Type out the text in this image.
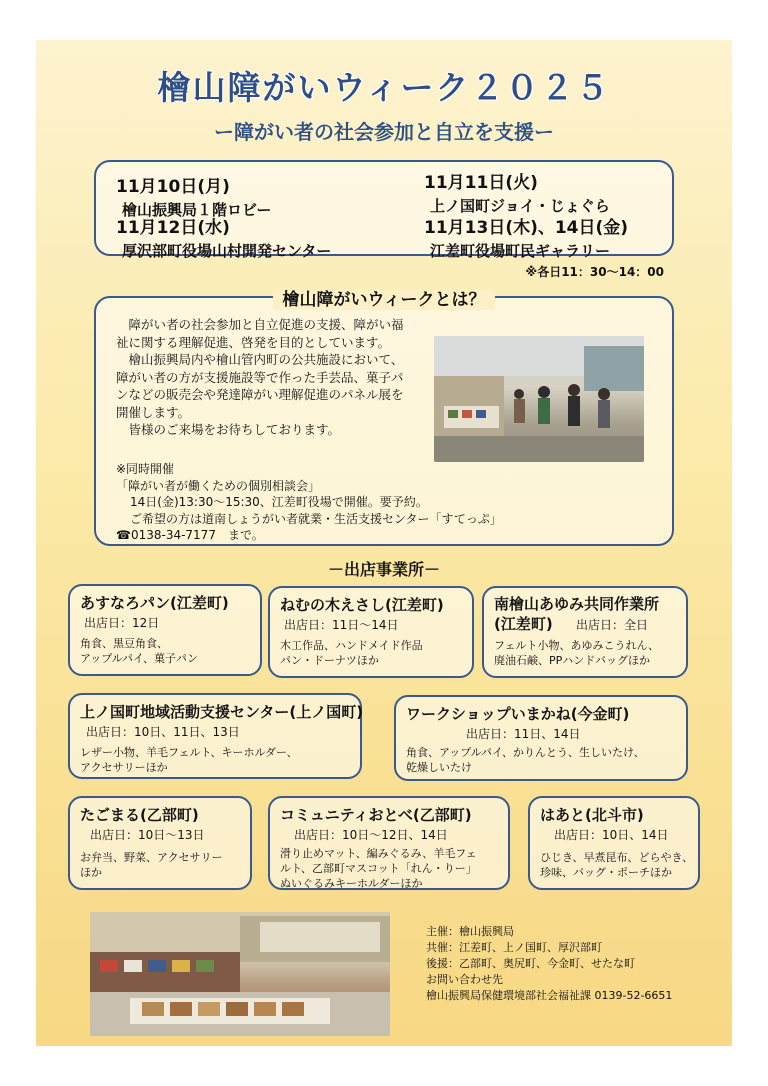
檜山障がいウィーク２０２５
ー障がい者の社会参加と自立を支援ー
11月10日(月)
檜山振興局１階ロビー
11月11日(火)
上ノ国町ジョイ・じょぐら
11月12日(水)
厚沢部町役場山村開発センター
11月13日(木)、14日(金)
江差町役場町民ギャラリー
※各日11：30～14：00
檜山障がいウィークとは？

障がい者の社会参加と自立促進の支援、障がい福祉に関する理解促進、啓発を目的としています。

檜山振興局内や檜山管内町の公共施設において、障がい者の方が支援施設等で作った手芸品、菓子パンなどの販売会や発達障がい理解促進のパネル展を開催します。

皆様のご来場をお待ちしております。

※同時開催
「障がい者が働くための個別相談会」
14日(金)13:30～15:30、江差町役場で開催。要予約。
ご希望の方は道南しょうがい者就業・生活支援センター「すてっぷ」
☎0138-34-7177　まで。
－出店事業所－
あすなろパン(江差町)
出店日：12日
角食、黒豆角食、
アップルパイ、菓子パン
ねむの木えさし(江差町)
出店日：11日～14日
木工作品、ハンドメイド作品
パン・ドーナツほか
南檜山あゆみ共同作業所
(江差町)	出店日：全日
フェルト小物、あゆみこうれん、
廃油石鹸、PPハンドバッグほか
上ノ国町地域活動支援センター(上ノ国町)
出店日：10日、11日、13日
レザー小物、羊毛フェルト、キーホルダー、
アクセサリーほか
ワークショップいまかね(今金町)
出店日：11日、14日
角食、アップルパイ、かりんとう、生しいたけ、
乾燥しいたけ
たごまる(乙部町)
出店日：10日～13日
お弁当、野菜、アクセサリー
ほか
コミュニティおとべ(乙部町)
出店日：10日～12日、14日
滑り止めマット、編みぐるみ、羊毛フェ
ルト、乙部町マスコット「れん・りー」
ぬいぐるみキーホルダーほか
はあと(北斗市)
出店日：10日、14日
ひじき、早煮昆布、どらやき、
珍味、バッグ・ポーチほか
主催：檜山振興局
共催：江差町、上ノ国町、厚沢部町
後援：乙部町、奥尻町、今金町、せたな町
お問い合わせ先
檜山振興局保健環境部社会福祉課 0139-52-6651
